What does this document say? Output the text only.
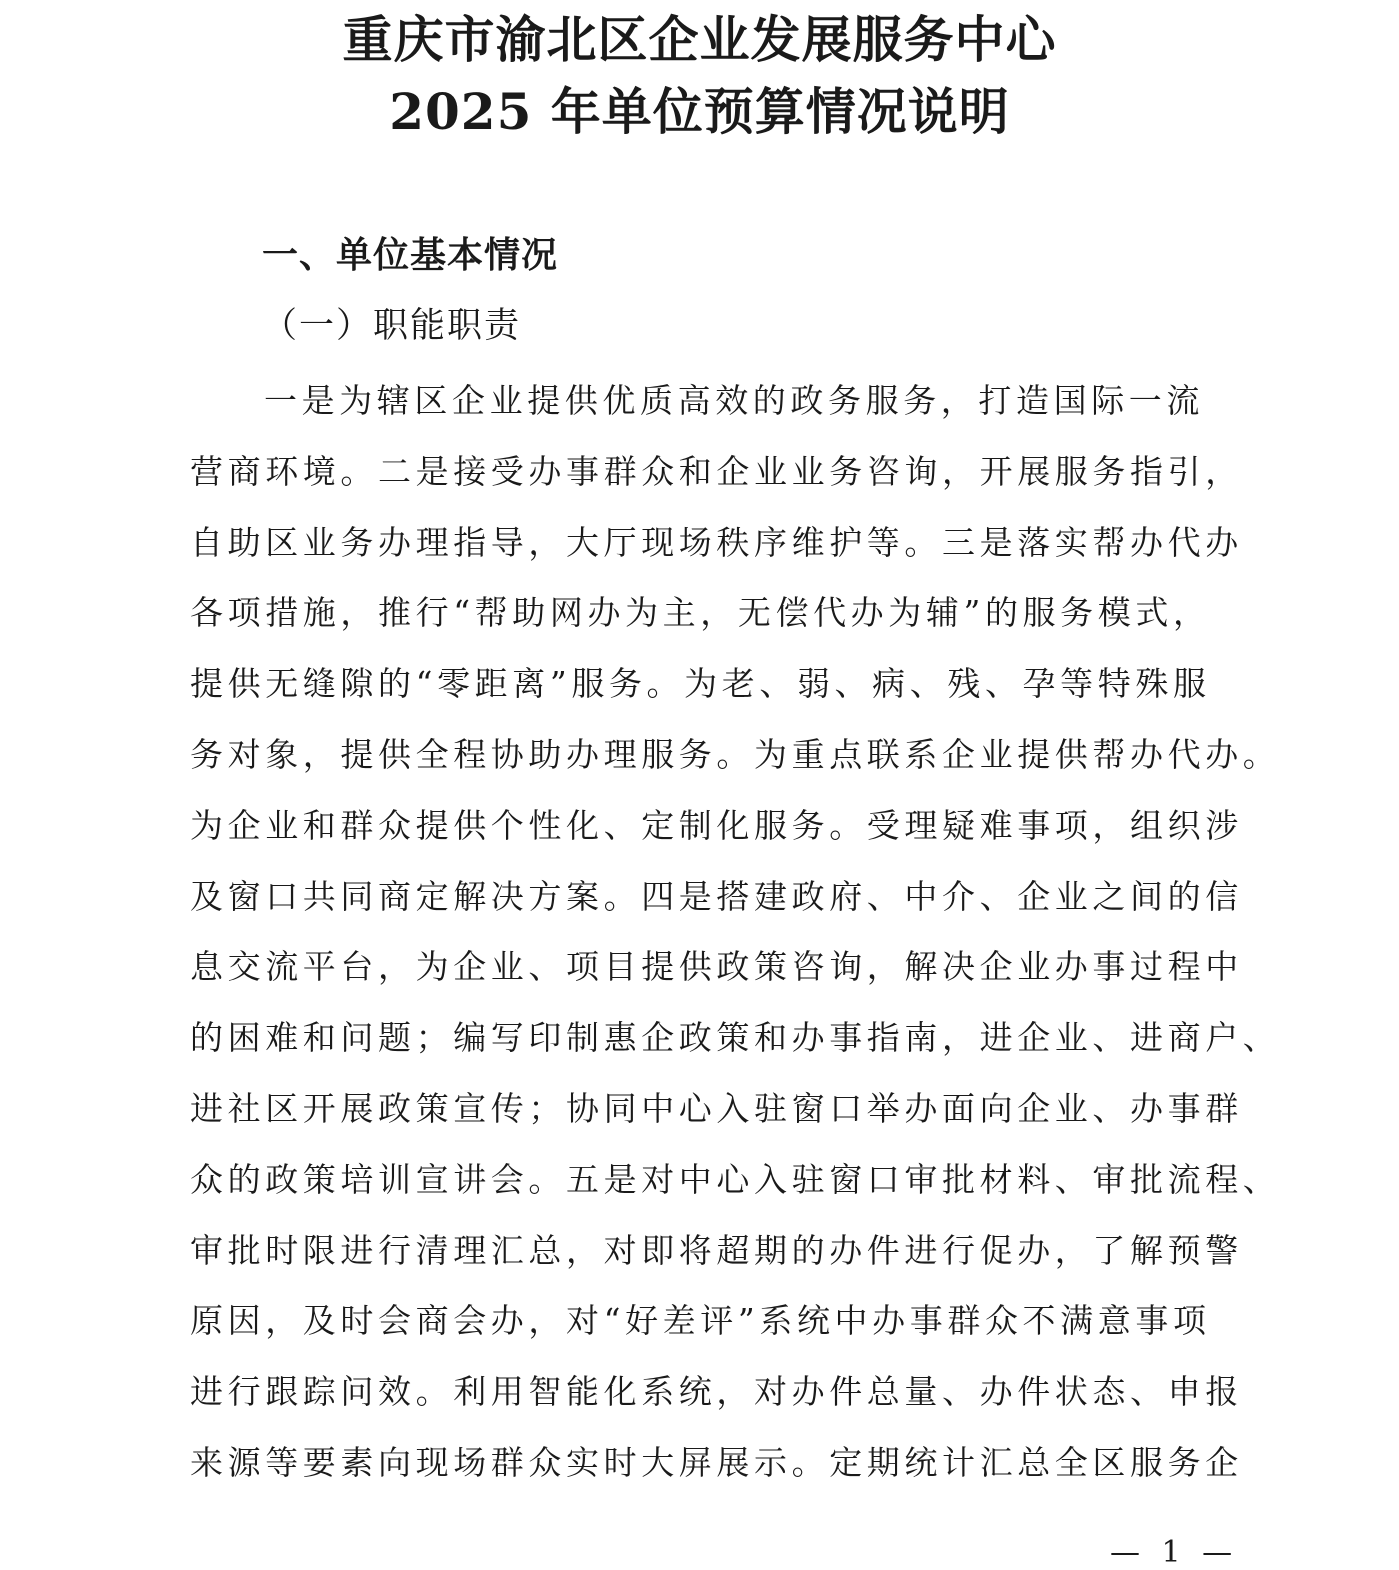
重庆市渝北区企业发展服务中心
2025 年单位预算情况说明
一、单位基本情况
（一）职能职责
一是为辖区企业提供优质高效的政务服务，打造国际一流
营商环境。二是接受办事群众和企业业务咨询，开展服务指引，
自助区业务办理指导，大厅现场秩序维护等。三是落实帮办代办
各项措施，推行“帮助网办为主，无偿代办为辅”的服务模式，
提供无缝隙的“零距离”服务。为老、弱、病、残、孕等特殊服
务对象，提供全程协助办理服务。为重点联系企业提供帮办代办。
为企业和群众提供个性化、定制化服务。受理疑难事项，组织涉
及窗口共同商定解决方案。四是搭建政府、中介、企业之间的信
息交流平台，为企业、项目提供政策咨询，解决企业办事过程中
的困难和问题；编写印制惠企政策和办事指南，进企业、进商户、
进社区开展政策宣传；协同中心入驻窗口举办面向企业、办事群
众的政策培训宣讲会。五是对中心入驻窗口审批材料、审批流程、
审批时限进行清理汇总，对即将超期的办件进行促办，了解预警
原因，及时会商会办，对“好差评”系统中办事群众不满意事项
进行跟踪问效。利用智能化系统，对办件总量、办件状态、申报
来源等要素向现场群众实时大屏展示。定期统计汇总全区服务企
— 1 —
